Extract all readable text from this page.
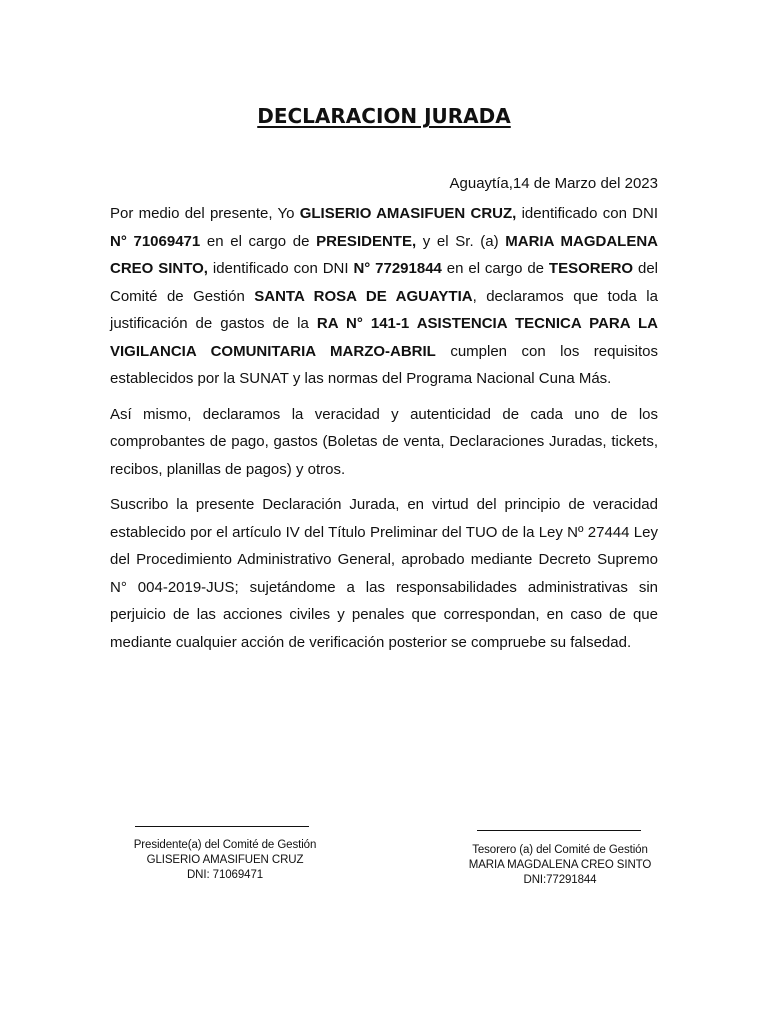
DECLARACION JURADA
Aguaytía,14 de Marzo del 2023

Por medio del presente, Yo GLISERIO AMASIFUEN CRUZ, identificado con DNI N° 71069471 en el cargo de PRESIDENTE, y el Sr. (a) MARIA MAGDALENA CREO SINTO, identificado con DNI N° 77291844 en el cargo de TESORERO del Comité de Gestión SANTA ROSA DE AGUAYTIA, declaramos que toda la justificación de gastos de la RA N° 141-1 ASISTENCIA TECNICA PARA LA VIGILANCIA COMUNITARIA MARZO-ABRIL cumplen con los requisitos establecidos por la SUNAT y las normas del Programa Nacional Cuna Más.

Así mismo, declaramos la veracidad y autenticidad de cada uno de los comprobantes de pago, gastos (Boletas de venta, Declaraciones Juradas, tickets, recibos, planillas de pagos) y otros.

Suscribo la presente Declaración Jurada, en virtud del principio de veracidad establecido por el artículo IV del Título Preliminar del TUO de la Ley Nº 27444 Ley del Procedimiento Administrativo General, aprobado mediante Decreto Supremo N° 004-2019-JUS; sujetándome a las responsabilidades administrativas sin perjuicio de las acciones civiles y penales que correspondan, en caso de que mediante cualquier acción de verificación posterior se compruebe su falsedad.

Presidente(a) del Comité de Gestión
GLISERIO AMASIFUEN CRUZ
DNI: 71069471
Tesorero (a) del Comité de Gestión
MARIA MAGDALENA CREO SINTO
DNI:77291844
